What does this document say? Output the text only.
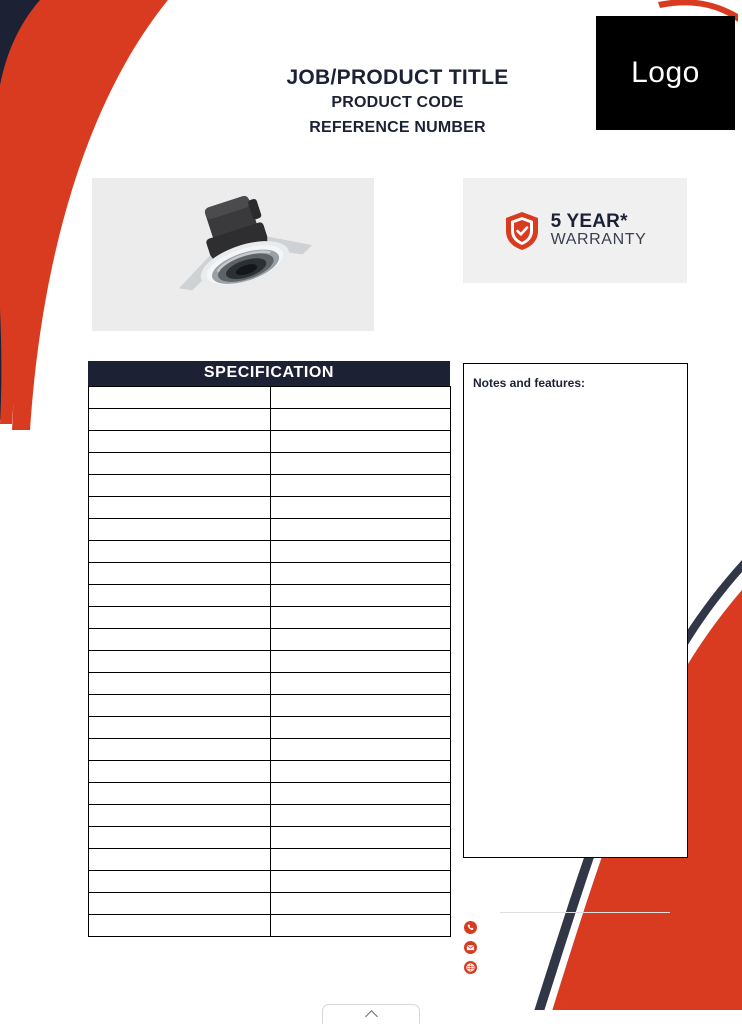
Logo
JOB/PRODUCT TITLE
PRODUCT CODE
REFERENCE NUMBER
5 YEAR*
WARRANTY
SPECIFICATION

Notes and features:
